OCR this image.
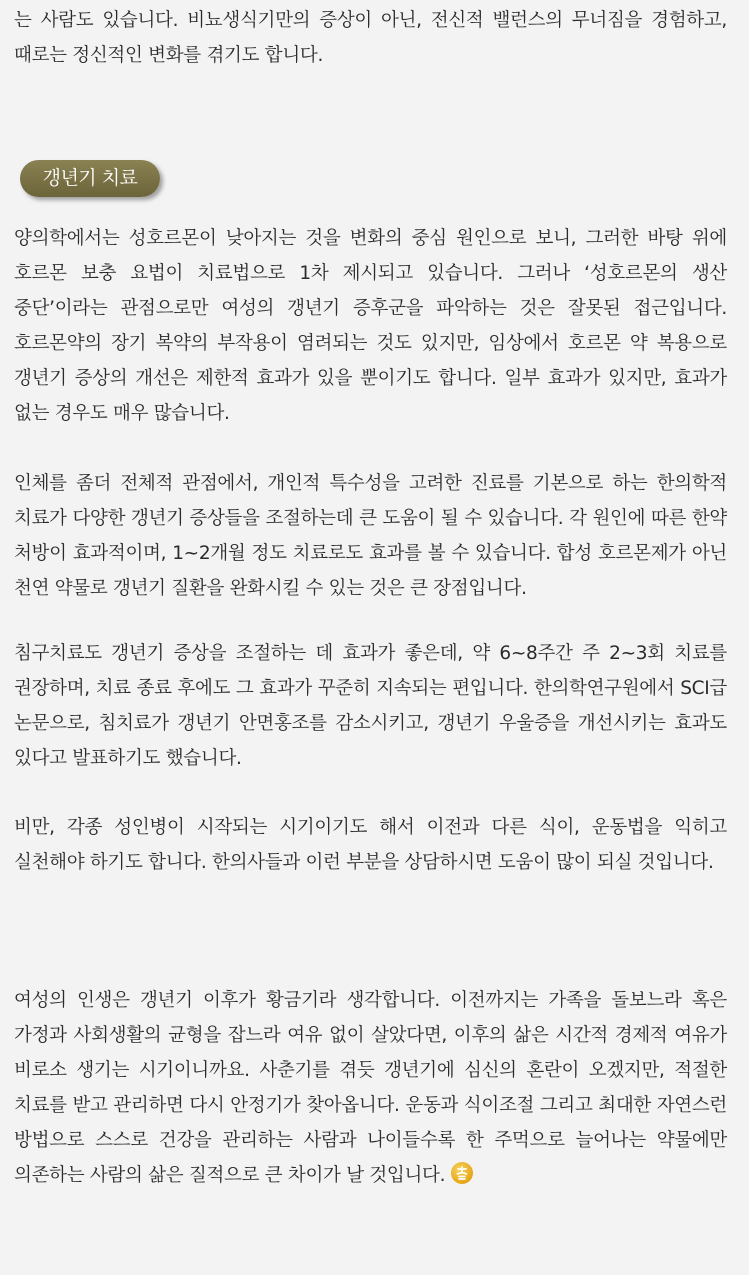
는 사람도 있습니다. 비뇨생식기만의 증상이 아닌, 전신적 밸런스의 무너짐을 경험하고, 때로는 정신적인 변화를 겪기도 합니다.

갱년기 치료

양의학에서는 성호르몬이 낮아지는 것을 변화의 중심 원인으로 보니, 그러한 바탕 위에 호르몬 보충 요법이 치료법으로 1차 제시되고 있습니다. 그러나 ‘성호르몬의 생산 중단’이라는 관점으로만 여성의 갱년기 증후군을 파악하는 것은 잘못된 접근입니다. 호르몬약의 장기 복약의 부작용이 염려되는 것도 있지만, 임상에서 호르몬 약 복용으로 갱년기 증상의 개선은 제한적 효과가 있을 뿐이기도 합니다. 일부 효과가 있지만, 효과가 없는 경우도 매우 많습니다.

인체를 좀더 전체적 관점에서, 개인적 특수성을 고려한 진료를 기본으로 하는 한의학적 치료가 다양한 갱년기 증상들을 조절하는데 큰 도움이 될 수 있습니다. 각 원인에 따른 한약 처방이 효과적이며, 1~2개월 정도 치료로도 효과를 볼 수 있습니다. 합성 호르몬제가 아닌 천연 약물로 갱년기 질환을 완화시킬 수 있는 것은 큰 장점입니다.

침구치료도 갱년기 증상을 조절하는 데 효과가 좋은데, 약 6~8주간 주 2~3회 치료를 권장하며, 치료 종료 후에도 그 효과가 꾸준히 지속되는 편입니다. 한의학연구원에서 SCI급 논문으로, 침치료가 갱년기 안면홍조를 감소시키고, 갱년기 우울증을 개선시키는 효과도 있다고 발표하기도 했습니다.

비만, 각종 성인병이 시작되는 시기이기도 해서 이전과 다른 식이, 운동법을 익히고 실천해야 하기도 합니다. 한의사들과 이런 부분을 상담하시면 도움이 많이 되실 것입니다.

여성의 인생은 갱년기 이후가 황금기라 생각합니다. 이전까지는 가족을 돌보느라 혹은 가정과 사회생활의 균형을 잡느라 여유 없이 살았다면, 이후의 삶은 시간적 경제적 여유가 비로소 생기는 시기이니까요. 사춘기를 겪듯 갱년기에 심신의 혼란이 오겠지만, 적절한 치료를 받고 관리하면 다시 안정기가 찾아옵니다. 운동과 식이조절 그리고 최대한 자연스런 방법으로 스스로 건강을 관리하는 사람과 나이들수록 한 주먹으로 늘어나는 약물에만 의존하는 사람의 삶은 질적으로 큰 차이가 날 것입니다.
